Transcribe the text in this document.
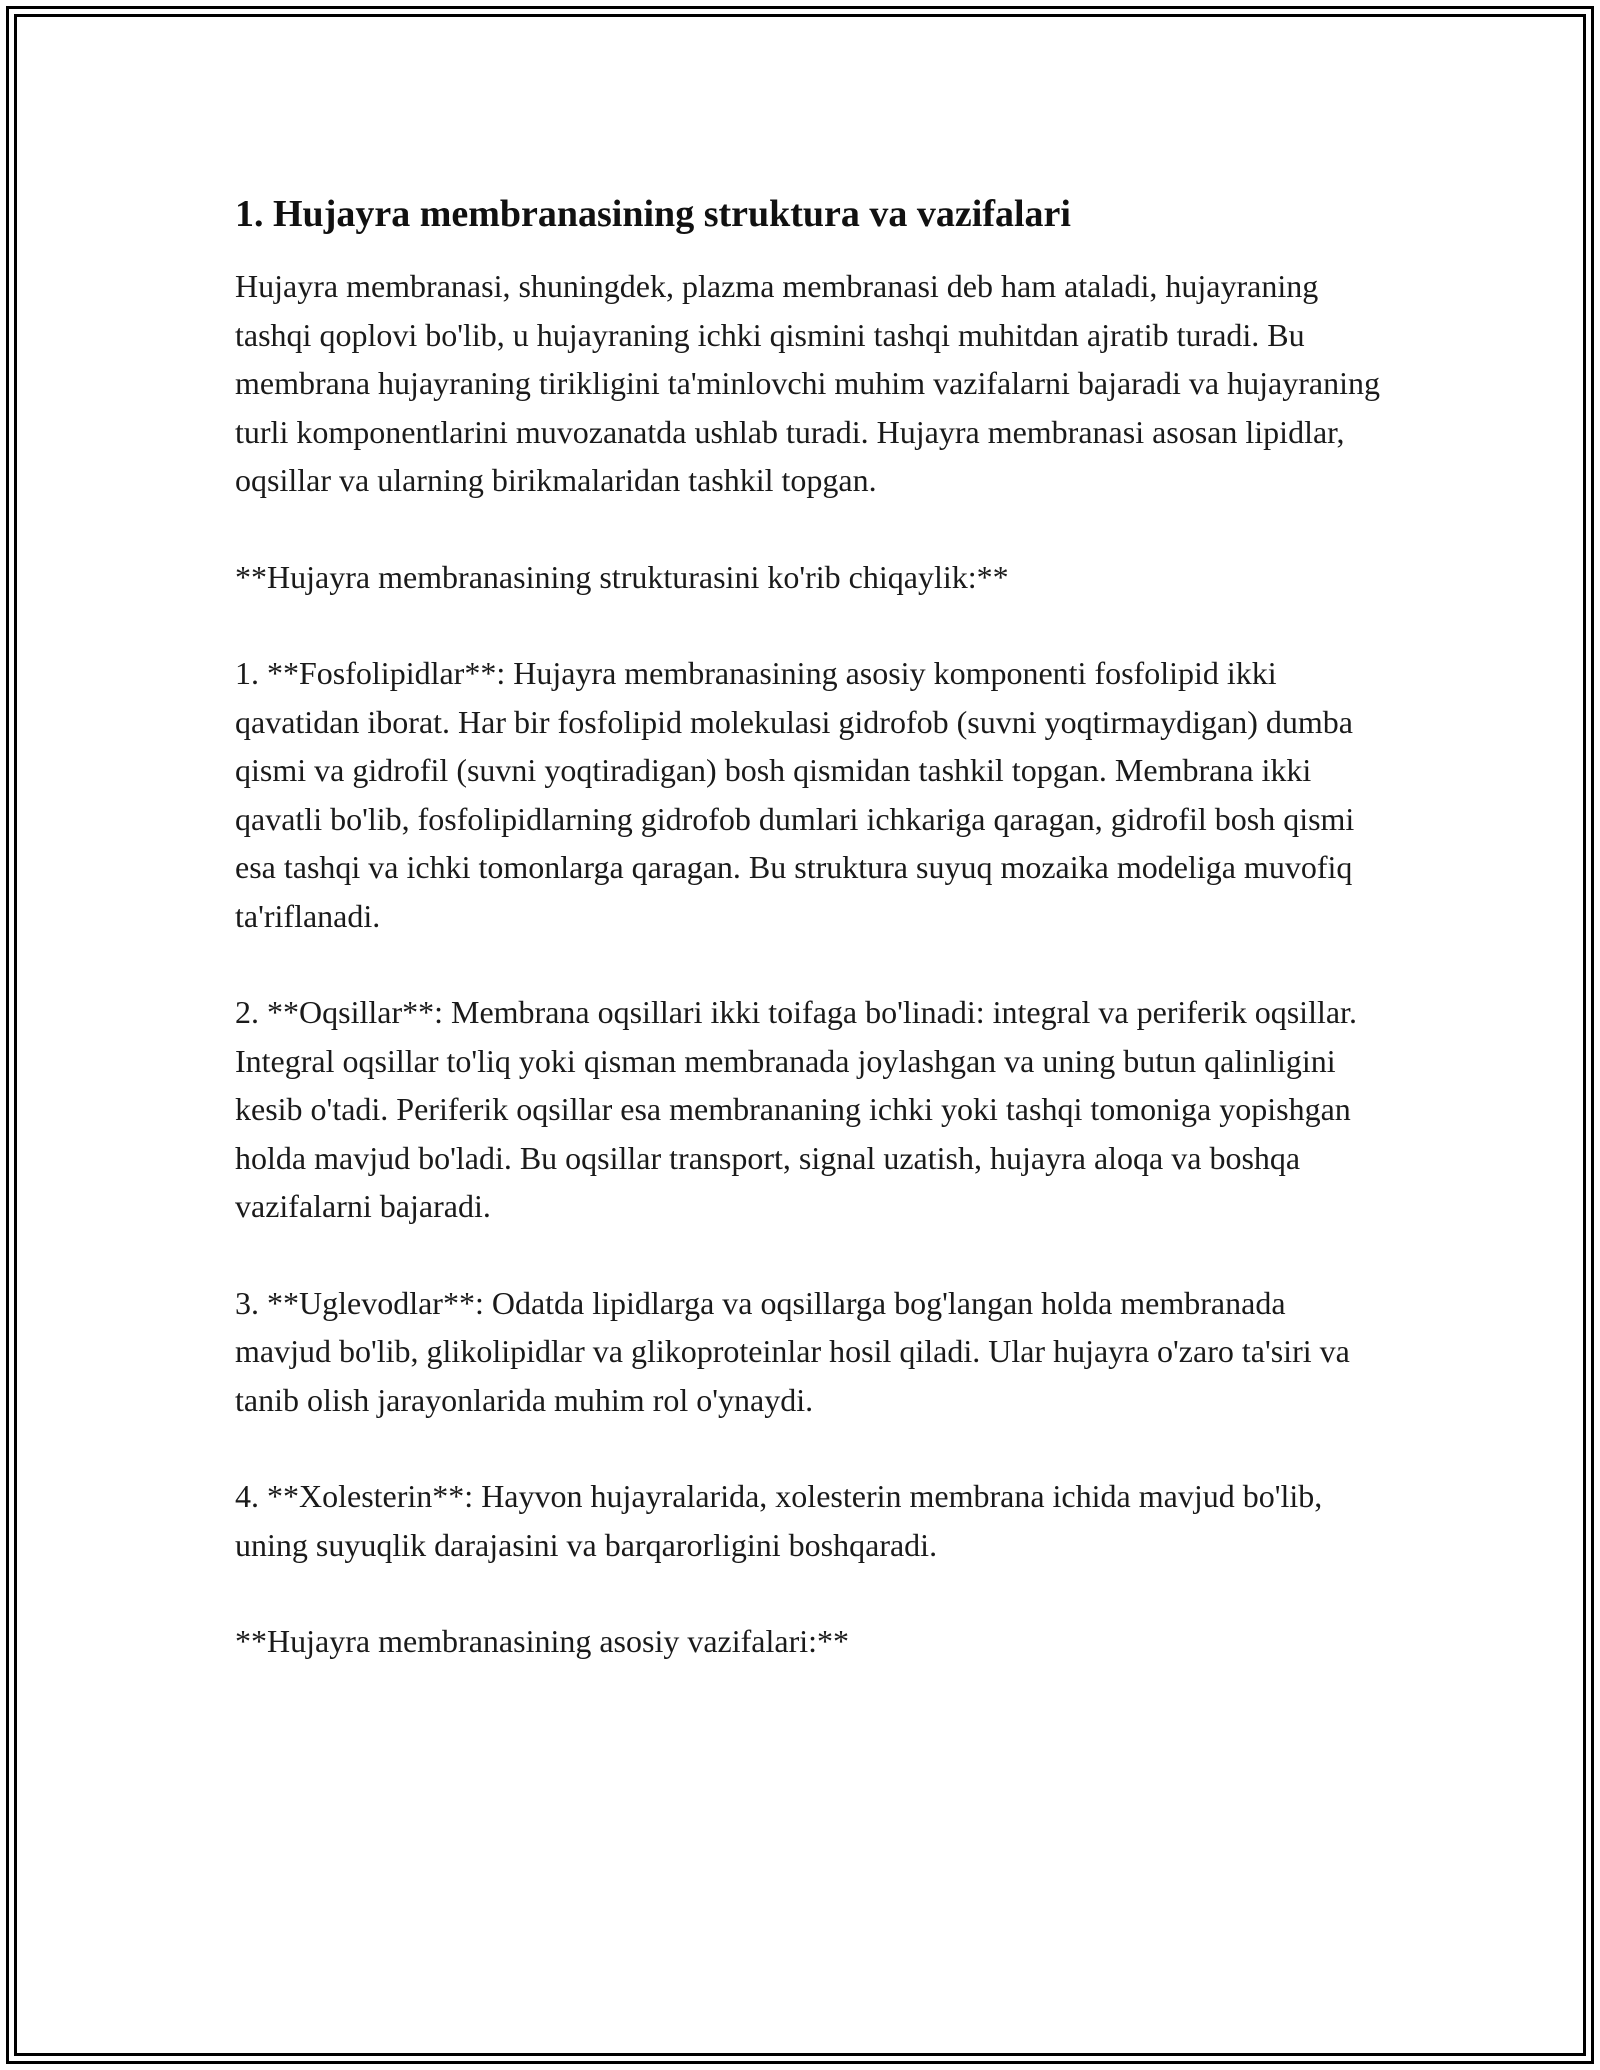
1. Hujayra membranasining struktura va vazifalari

Hujayra membranasi, shuningdek, plazma membranasi deb ham ataladi, hujayraning tashqi qoplovi bo'lib, u hujayraning ichki qismini tashqi muhitdan ajratib turadi. Bu membrana hujayraning tirikligini ta'minlovchi muhim vazifalarni bajaradi va hujayraning turli komponentlarini muvozanatda ushlab turadi. Hujayra membranasi asosan lipidlar, oqsillar va ularning birikmalaridan tashkil topgan.

**Hujayra membranasining strukturasini ko'rib chiqaylik:**

1. **Fosfolipidlar**: Hujayra membranasining asosiy komponenti fosfolipid ikki qavatidan iborat. Har bir fosfolipid molekulasi gidrofob (suvni yoqtirmaydigan) dumba qismi va gidrofil (suvni yoqtiradigan) bosh qismidan tashkil topgan. Membrana ikki qavatli bo'lib, fosfolipidlarning gidrofob dumlari ichkariga qaragan, gidrofil bosh qismi esa tashqi va ichki tomonlarga qaragan. Bu struktura suyuq mozaika modeliga muvofiq ta'riflanadi.

2. **Oqsillar**: Membrana oqsillari ikki toifaga bo'linadi: integral va periferik oqsillar. Integral oqsillar to'liq yoki qisman membranada joylashgan va uning butun qalinligini kesib o'tadi. Periferik oqsillar esa membrananing ichki yoki tashqi tomoniga yopishgan holda mavjud bo'ladi. Bu oqsillar transport, signal uzatish, hujayra aloqa va boshqa vazifalarni bajaradi.

3. **Uglevodlar**: Odatda lipidlarga va oqsillarga bog'langan holda membranada mavjud bo'lib, glikolipidlar va glikoproteinlar hosil qiladi. Ular hujayra o'zaro ta'siri va tanib olish jarayonlarida muhim rol o'ynaydi.

4. **Xolesterin**: Hayvon hujayralarida, xolesterin membrana ichida mavjud bo'lib, uning suyuqlik darajasini va barqarorligini boshqaradi.

**Hujayra membranasining asosiy vazifalari:**
